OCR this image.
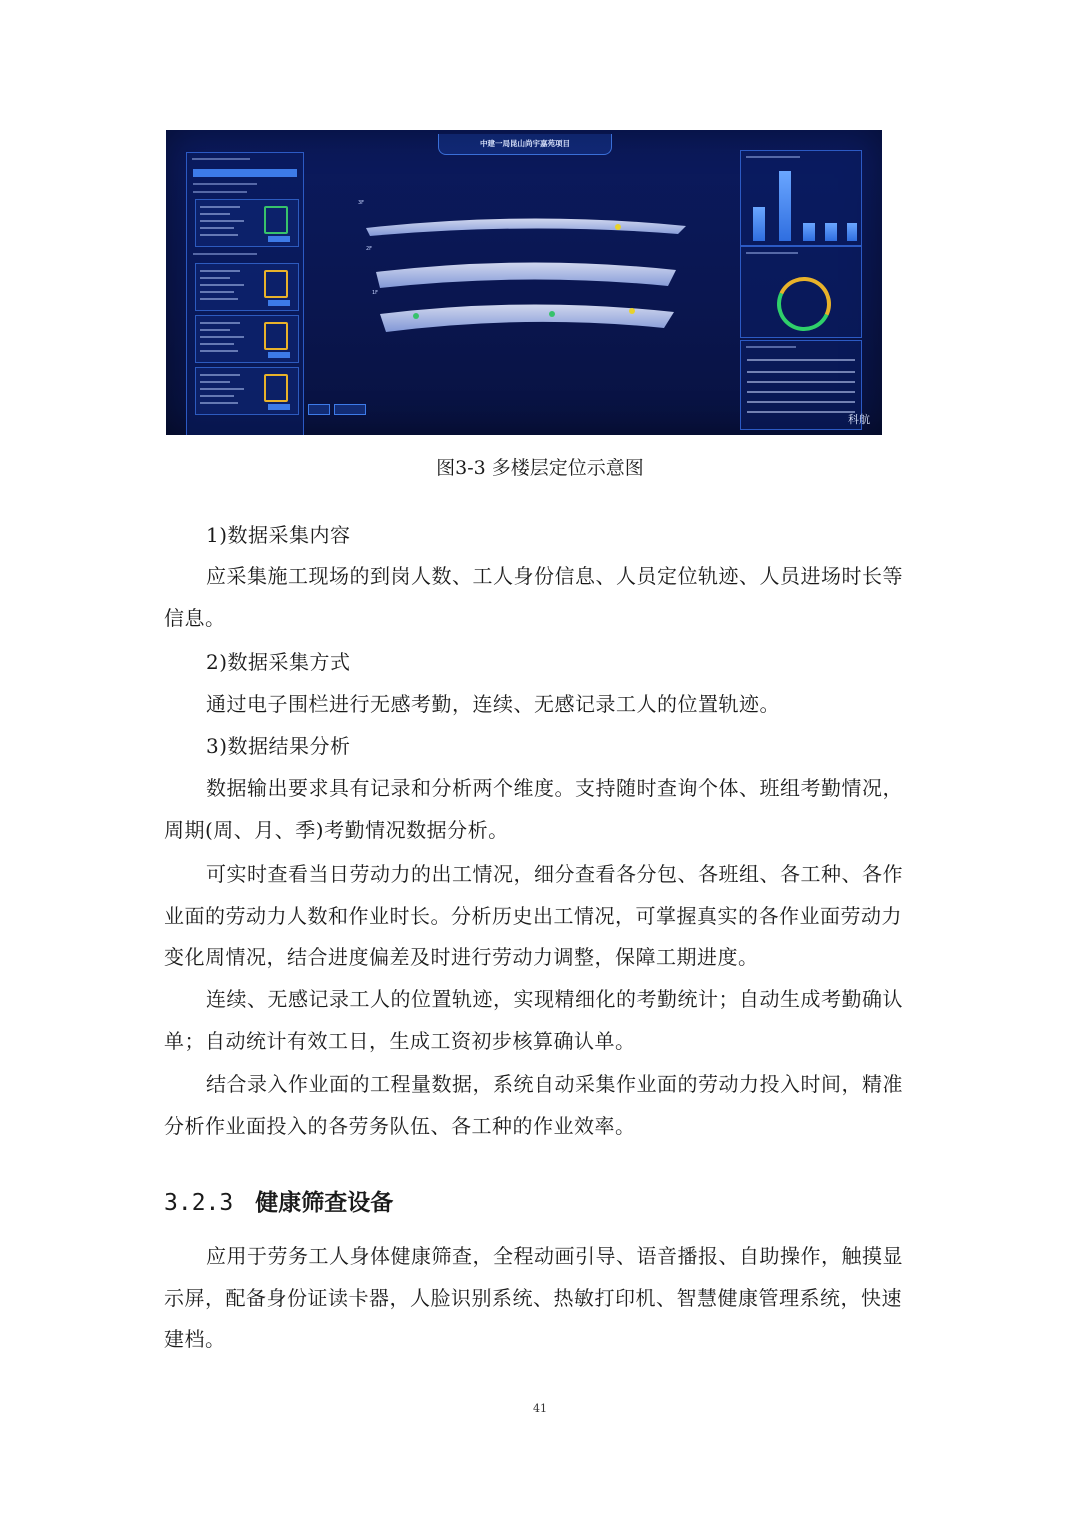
中建一局昆山尚宇嘉苑项目
3F
2F
1F
科航
图3-3 多楼层定位示意图
1)数据采集内容
应采集施工现场的到岗人数、工人身份信息、人员定位轨迹、人员进场时长等信息。
2)数据采集方式
通过电子围栏进行无感考勤，连续、无感记录工人的位置轨迹。
3)数据结果分析
数据输出要求具有记录和分析两个维度。支持随时查询个体、班组考勤情况，周期(周、月、季)考勤情况数据分析。
可实时查看当日劳动力的出工情况，细分查看各分包、各班组、各工种、各作业面的劳动力人数和作业时长。分析历史出工情况，可掌握真实的各作业面劳动力变化周情况，结合进度偏差及时进行劳动力调整，保障工期进度。
连续、无感记录工人的位置轨迹，实现精细化的考勤统计；自动生成考勤确认单；自动统计有效工日，生成工资初步核算确认单。
结合录入作业面的工程量数据，系统自动采集作业面的劳动力投入时间，精准分析作业面投入的各劳务队伍、各工种的作业效率。
3.2.3 健康筛查设备
应用于劳务工人身体健康筛查，全程动画引导、语音播报、自助操作，触摸显示屏，配备身份证读卡器，人脸识别系统、热敏打印机、智慧健康管理系统，快速建档。
41
